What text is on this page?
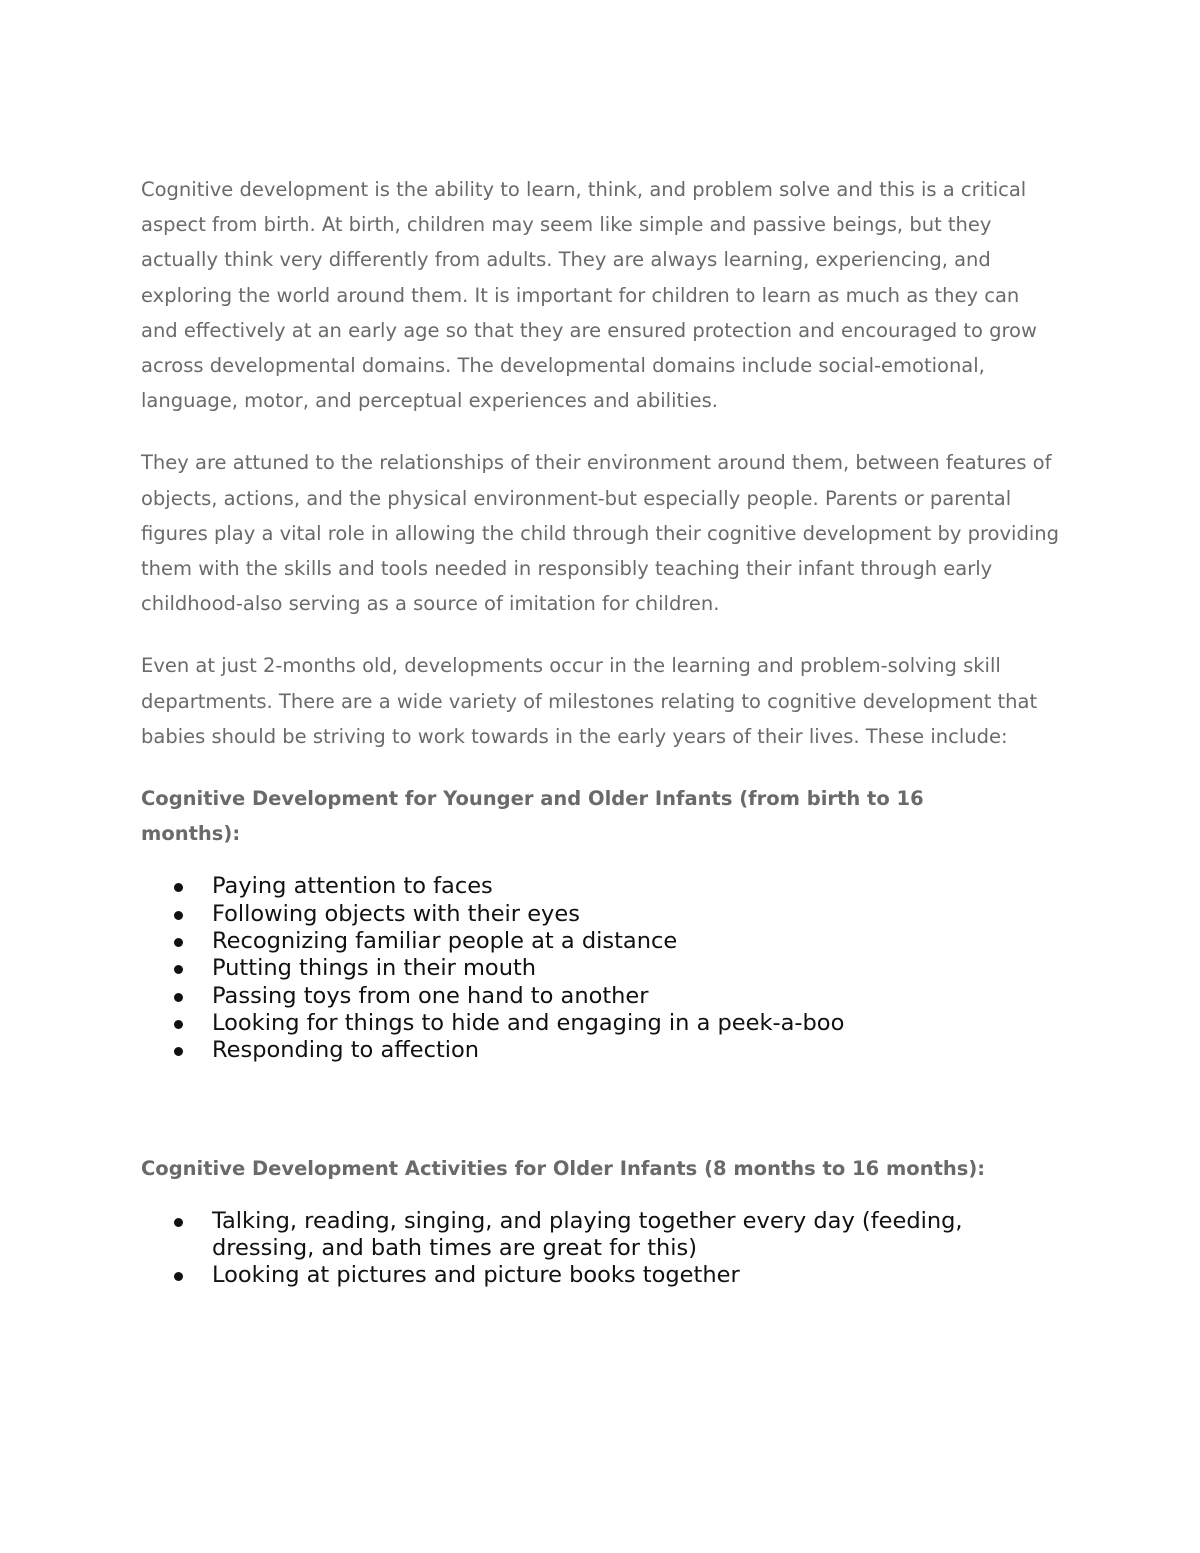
Cognitive development is the ability to learn, think, and problem solve and this is a critical aspect from birth. At birth, children may seem like simple and passive beings, but they actually think very differently from adults. They are always learning, experiencing, and exploring the world around them. It is important for children to learn as much as they can and effectively at an early age so that they are ensured protection and encouraged to grow across developmental domains. The developmental domains include social-emotional, language, motor, and perceptual experiences and abilities.

They are attuned to the relationships of their environment around them, between features of objects, actions, and the physical environment-but especially people. Parents or parental figures play a vital role in allowing the child through their cognitive development by providing them with the skills and tools needed in responsibly teaching their infant through early childhood-also serving as a source of imitation for children.

Even at just 2-months old, developments occur in the learning and problem-solving skill departments. There are a wide variety of milestones relating to cognitive development that babies should be striving to work towards in the early years of their lives. These include:

Cognitive Development for Younger and Older Infants (from birth to 16 months):
Paying attention to faces
Following objects with their eyes
Recognizing familiar people at a distance
Putting things in their mouth
Passing toys from one hand to another
Looking for things to hide and engaging in a peek-a-boo
Responding to affection
Cognitive Development Activities for Older Infants (8 months to 16 months):
Talking, reading, singing, and playing together every day (feeding, dressing, and bath times are great for this)
Looking at pictures and picture books together
